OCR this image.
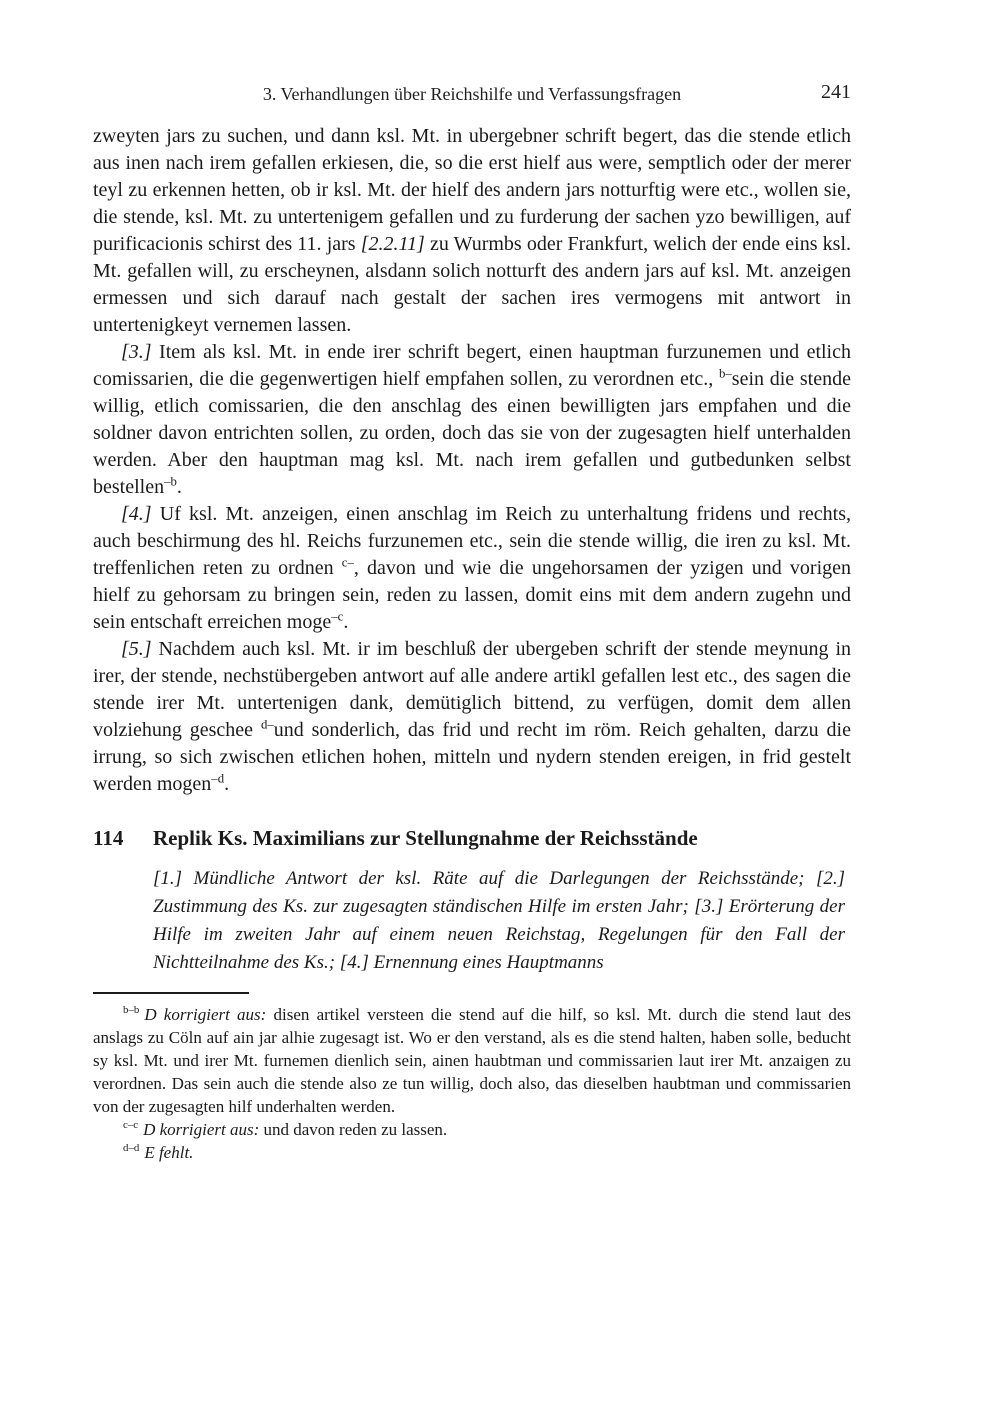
3. Verhandlungen über Reichshilfe und Verfassungsfragen	241

zweyten jars zu suchen, und dann ksl. Mt. in ubergebner schrift begert, das die stende etlich aus inen nach irem gefallen erkiesen, die, so die erst hielf aus were, semptlich oder der merer teyl zu erkennen hetten, ob ir ksl. Mt. der hielf des andern jars notturftig were etc., wollen sie, die stende, ksl. Mt. zu untertenigem gefallen und zu furderung der sachen yzo bewilligen, auf purificacionis schirst des 11. jars [2.2.11] zu Wurmbs oder Frankfurt, welich der ende eins ksl. Mt. gefallen will, zu erscheynen, alsdann solich notturft des andern jars auf ksl. Mt. anzeigen ermessen und sich darauf nach gestalt der sachen ires vermogens mit antwort in untertenigkeyt vernemen lassen.

[3.] Item als ksl. Mt. in ende irer schrift begert, einen hauptman furzunemen und etlich comissarien, die die gegenwertigen hielf empfahen sollen, zu verordnen etc., $^{b-}$sein die stende willig, etlich comissarien, die den anschlag des einen bewilligten jars empfahen und die soldner davon entrichten sollen, zu orden, doch das sie von der zugesagten hielf unterhalden werden. Aber den hauptman mag ksl. Mt. nach irem gefallen und gutbedunken selbst bestellen$^{-b}$.

[4.] Uf ksl. Mt. anzeigen, einen anschlag im Reich zu unterhaltung fridens und rechts, auch beschirmung des hl. Reichs furzunemen etc., sein die stende willig, die iren zu ksl. Mt. treffenlichen reten zu ordnen $^{c-}$, davon und wie die ungehorsamen der yzigen und vorigen hielf zu gehorsam zu bringen sein, reden zu lassen, domit eins mit dem andern zugehn und sein entschaft erreichen moge$^{-c}$.

[5.] Nachdem auch ksl. Mt. ir im beschluß der ubergeben schrift der stende meynung in irer, der stende, nechstübergeben antwort auf alle andere artikl gefallen lest etc., des sagen die stende irer Mt. untertenigen dank, demütiglich bittend, zu verfügen, domit dem allen volziehung geschee $^{d-}$und sonderlich, das frid und recht im röm. Reich gehalten, darzu die irrung, so sich zwischen etlichen hohen, mitteln und nydern stenden ereigen, in frid gestelt werden mogen$^{-d}$.

114 Replik Ks. Maximilians zur Stellungnahme der Reichsstände
[1.] Mündliche Antwort der ksl. Räte auf die Darlegungen der Reichsstände; [2.] Zustimmung des Ks. zur zugesagten ständischen Hilfe im ersten Jahr; [3.] Erörterung der Hilfe im zweiten Jahr auf einem neuen Reichstag, Regelungen für den Fall der Nichtteilnahme des Ks.; [4.] Ernennung eines Hauptmanns

$^{b-b}$ D korrigiert aus: disen artikel versteen die stend auf die hilf, so ksl. Mt. durch die stend laut des anslags zu Cöln auf ain jar alhie zugesagt ist. Wo er den verstand, als es die stend halten, haben solle, beducht sy ksl. Mt. und irer Mt. furnemen dienlich sein, ainen haubtman und commissarien laut irer Mt. anzaigen zu verordnen. Das sein auch die stende also ze tun willig, doch also, das dieselben haubtman und commissarien von der zugesagten hilf underhalten werden.

$^{c-c}$ D korrigiert aus: und davon reden zu lassen.

$^{d-d}$ E fehlt.
